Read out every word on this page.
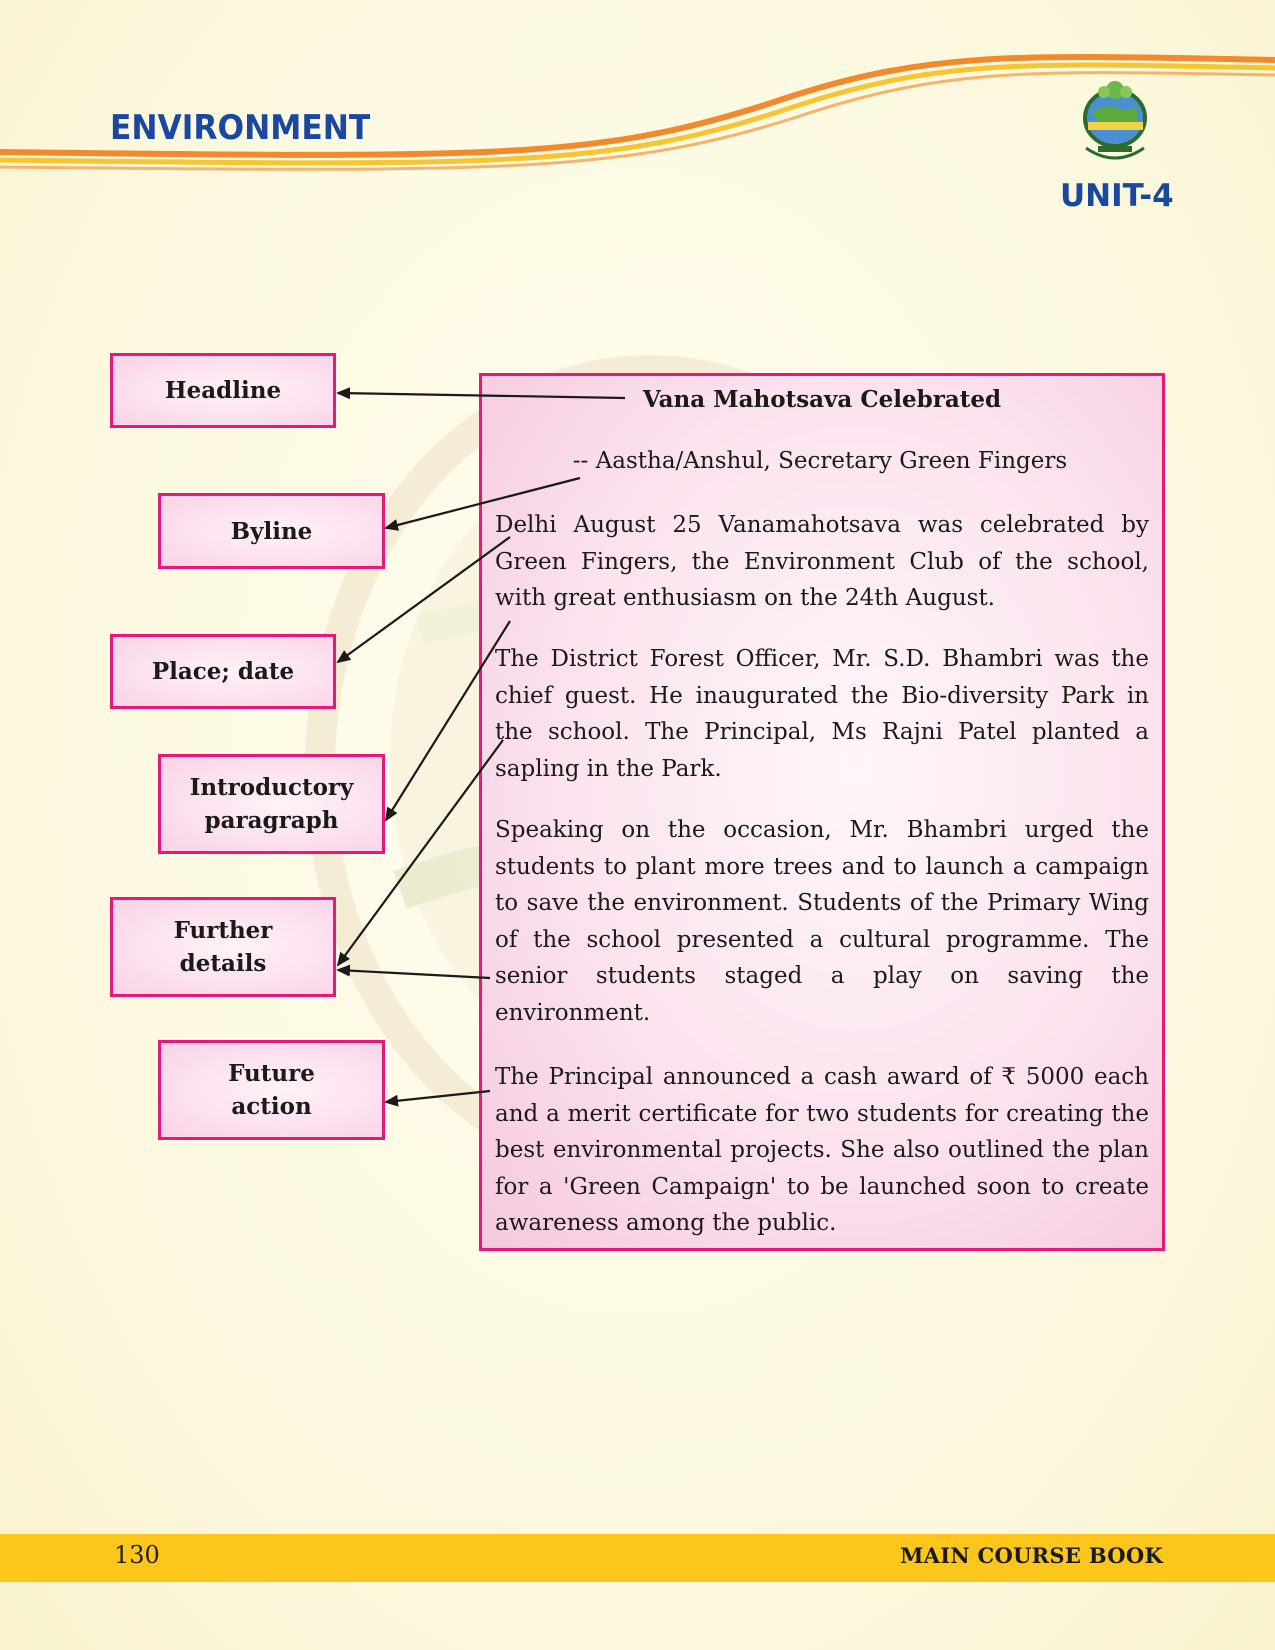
ENVIRONMENT
UNIT-4
Headline
Byline
Place; date
Introductory
paragraph
Further
details
Future
action
Vana Mahotsava Celebrated
-- Aastha/Anshul, Secretary Green Fingers

Delhi August 25 Vanamahotsava was celebrated by Green Fingers, the Environment Club of the school, with great enthusiasm on the 24th August.

The District Forest Officer, Mr. S.D. Bhambri was the chief guest. He inaugurated the Bio-diversity Park in the school. The Principal, Ms Rajni Patel planted a sapling in the Park.

Speaking on the occasion, Mr. Bhambri urged the students to plant more trees and to launch a campaign to save the environment. Students of the Primary Wing of the school presented a cultural programme. The senior students staged a play on saving the environment.

The Principal announced a cash award of ₹ 5000 each and a merit certificate for two students for creating the best environmental projects. She also outlined the plan for a 'Green Campaign' to be launched soon to create awareness among the public.

130	MAIN COURSE BOOK
